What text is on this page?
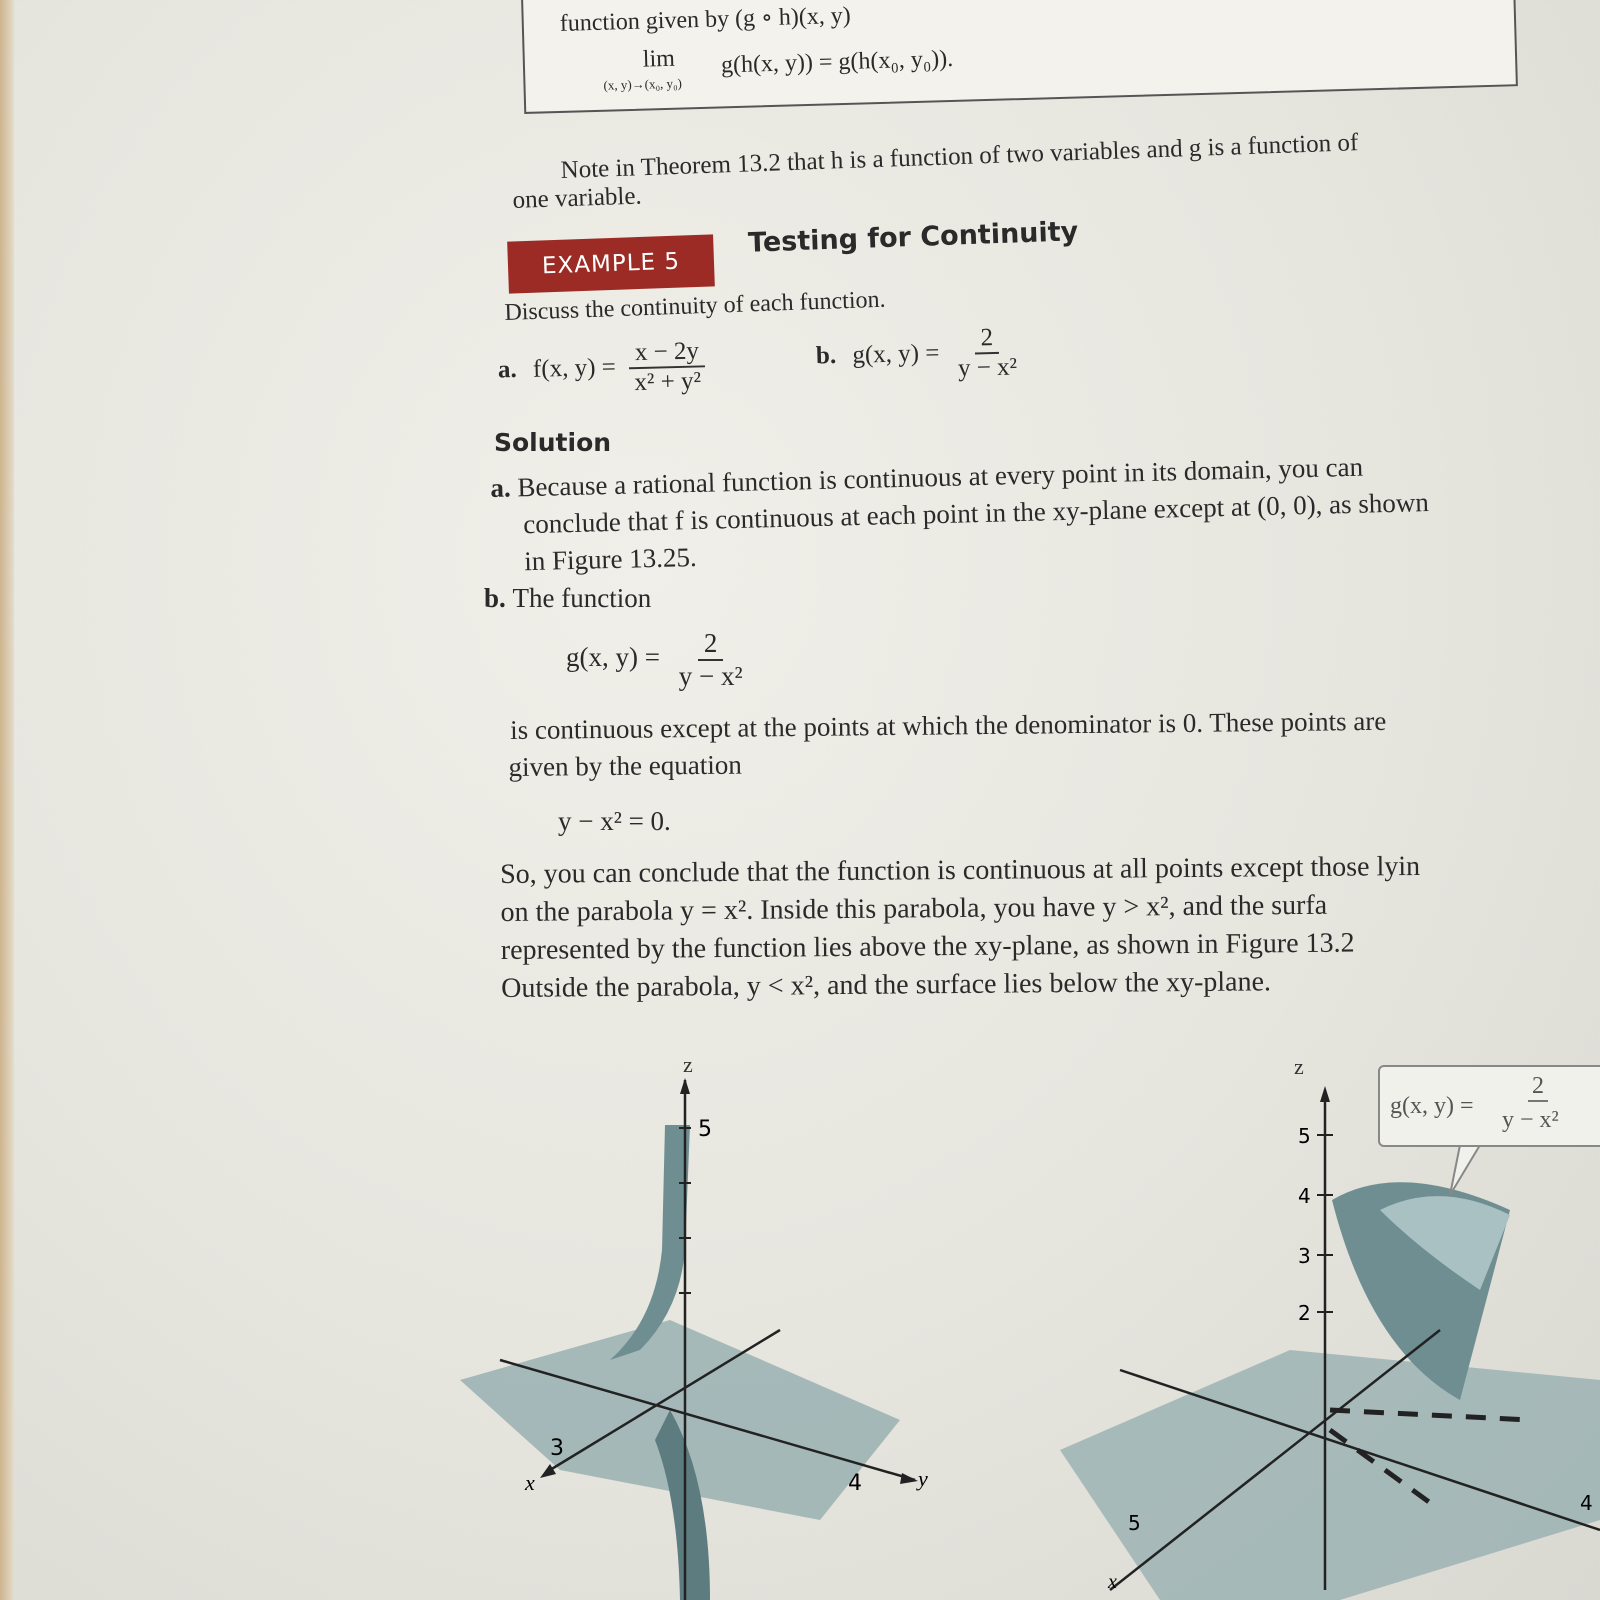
function given by (g ∘ h)(x, y)
lim
(x, y)→(x₀, y₀)
g(h(x, y)) = g(h(x₀, y₀)).
Note in Theorem 13.2 that h is a function of two variables and g is a function of
one variable.
EXAMPLE 5
Testing for Continuity
Discuss the continuity of each function.
a. f(x, $y) = \frac{x - 2y}{\text{x² + y²}}$	b. g(x, $y) = \frac{2}{\text{y − x²}}$
Solution
a. Because a rational function is continuous at every point in its domain, you can
conclude that f is continuous at each point in the xy-plane except at (0, 0), as shown
in Figure 13.25.
b. The function
g(x, $y) = \frac{2}{\text{y − x²}}$
is continuous except at the points at which the denominator is 0. These points are
given by the equation
y − x² = 0.
So, you can conclude that the function is continuous at all points except those lyin
on the parabola y = x². Inside this parabola, you have y > x², and the surfa
represented by the function lies above the xy-plane, as shown in Figure 13.2
Outside the parabola, y < x², and the surface lies below the xy-plane.
z
5
3
x	4	y
z
5
4
3
2
5
x
4
g(x, y) =
2
y − x²
